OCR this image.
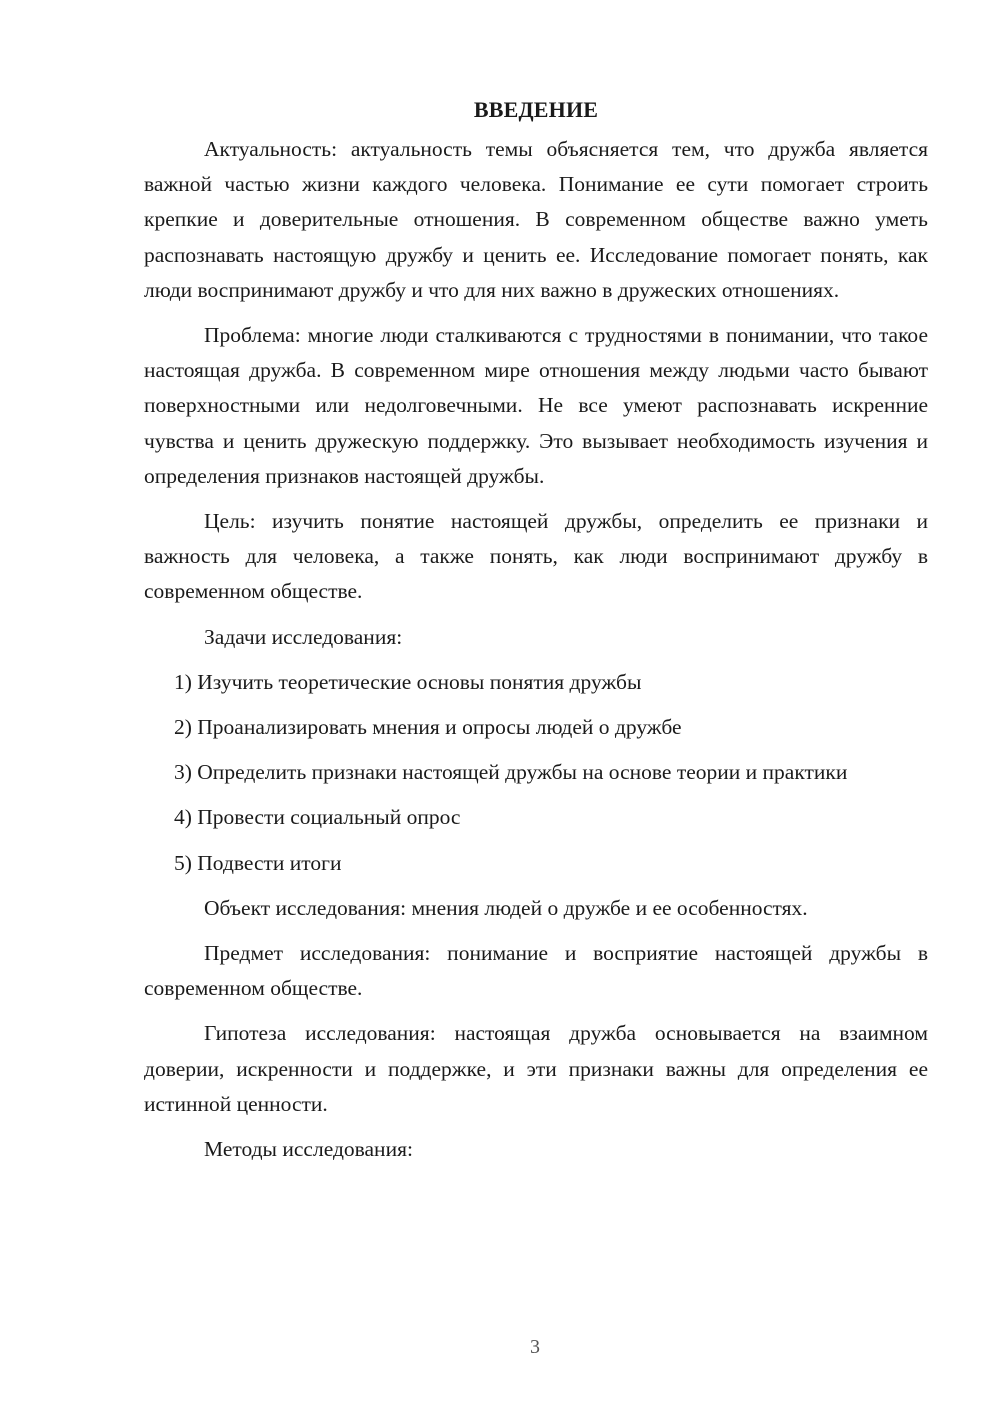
ВВЕДЕНИЕ

Актуальность: актуальность темы объясняется тем, что дружба является важной частью жизни каждого человека. Понимание ее сути помогает строить крепкие и доверительные отношения. В современном обществе важно уметь распознавать настоящую дружбу и ценить ее. Исследование помогает понять, как люди воспринимают дружбу и что для них важно в дружеских отношениях.

Проблема: многие люди сталкиваются с трудностями в понимании, что такое настоящая дружба. В современном мире отношения между людьми часто бывают поверхностными или недолговечными. Не все умеют распознавать искренние чувства и ценить дружескую поддержку. Это вызывает необходимость изучения и определения признаков настоящей дружбы.

Цель: изучить понятие настоящей дружбы, определить ее признаки и важность для человека, а также понять, как люди воспринимают дружбу в современном обществе.

Задачи исследования:

1) Изучить теоретические основы понятия дружбы

2) Проанализировать мнения и опросы людей о дружбе

3) Определить признаки настоящей дружбы на основе теории и практики

4) Провести социальный опрос

5) Подвести итоги

Объект исследования: мнения людей о дружбе и ее особенностях.

Предмет исследования: понимание и восприятие настоящей дружбы в современном обществе.

Гипотеза исследования: настоящая дружба основывается на взаимном доверии, искренности и поддержке, и эти признаки важны для определения ее истинной ценности.

Методы исследования:

3
